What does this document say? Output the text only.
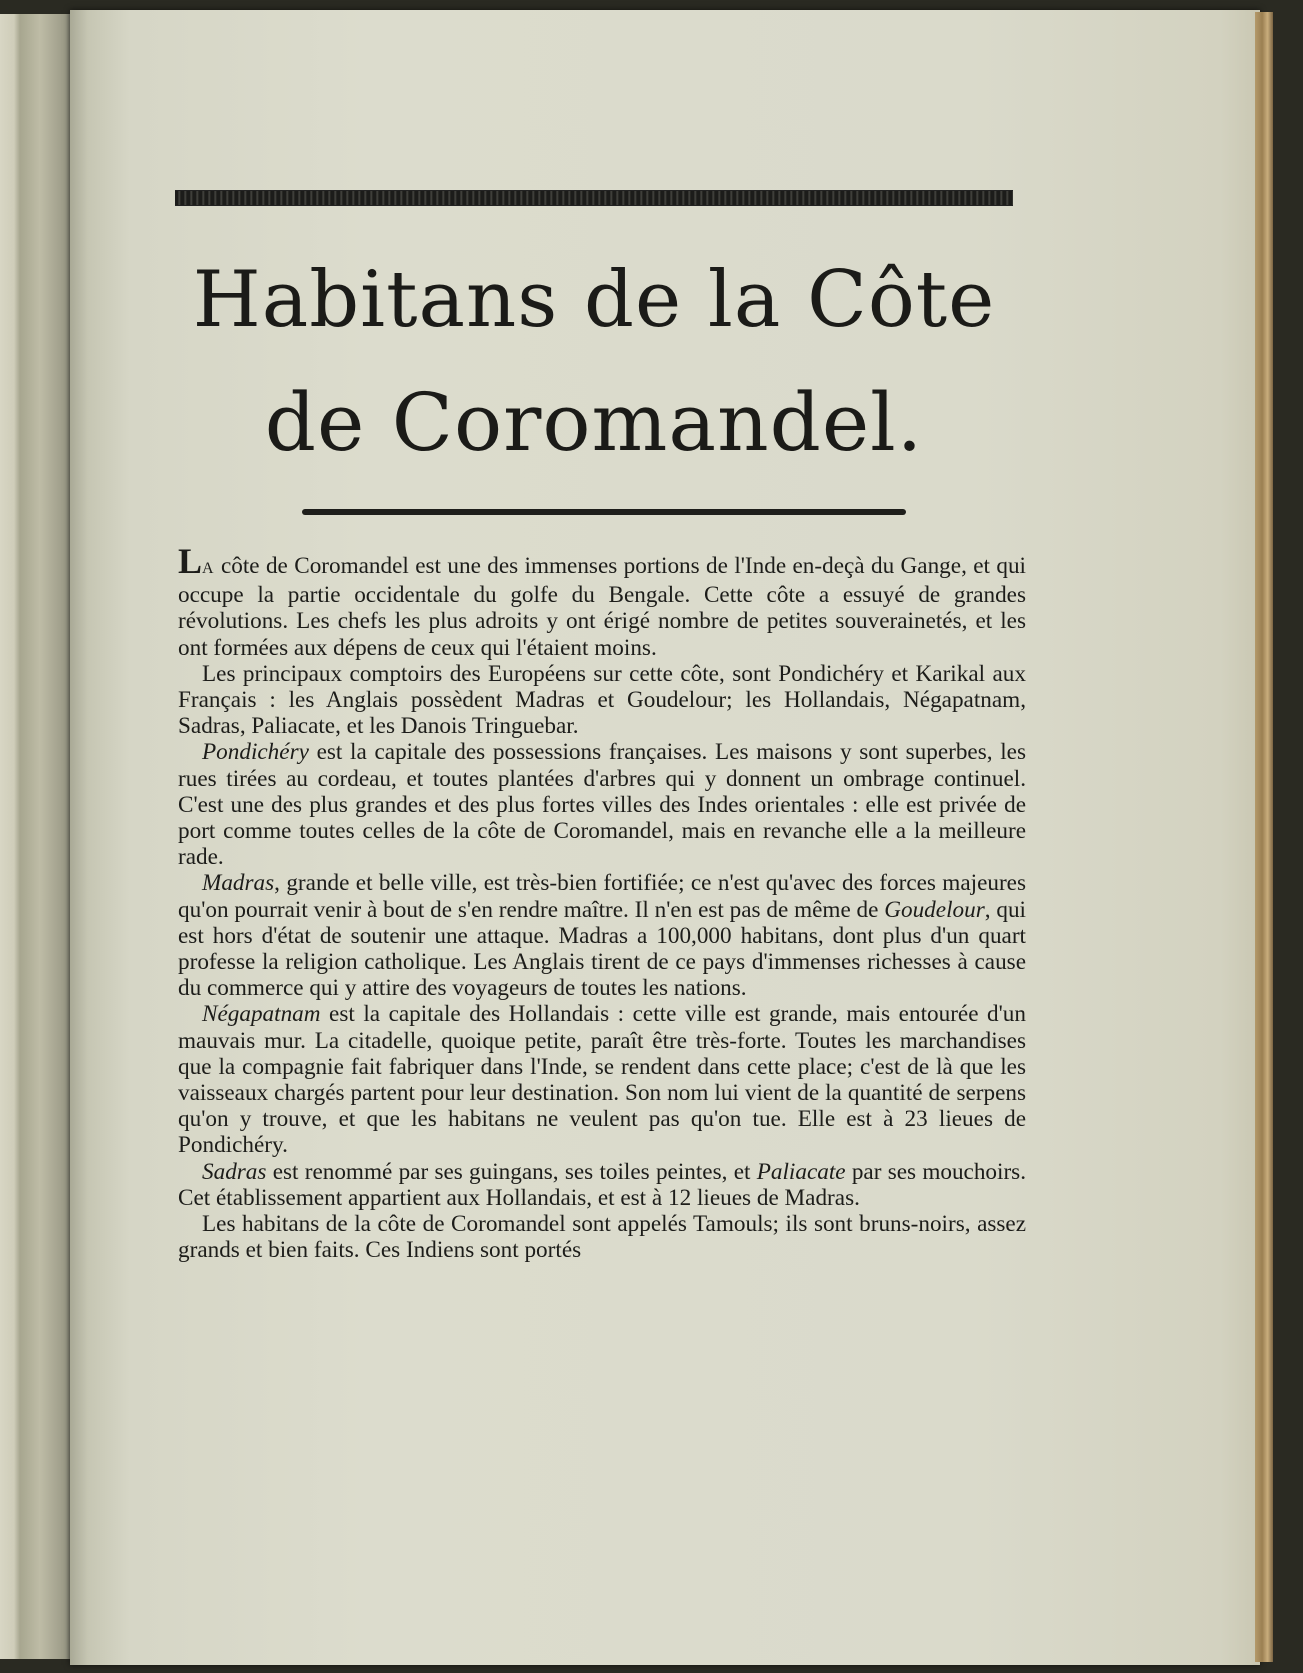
Habitans de la Côte
de Coromandel.

LA côte de Coromandel est une des immenses portions de l'Inde en-deçà du Gange, et qui occupe la partie occidentale du golfe du Bengale. Cette côte a essuyé de grandes révolutions. Les chefs les plus adroits y ont érigé nombre de petites souverainetés, et les ont formées aux dépens de ceux qui l'étaient moins.

Les principaux comptoirs des Européens sur cette côte, sont Pondichéry et Karikal aux Français : les Anglais possèdent Madras et Goudelour; les Hollandais, Négapatnam, Sadras, Paliacate, et les Danois Tringuebar.

Pondichéry est la capitale des possessions françaises. Les maisons y sont superbes, les rues tirées au cordeau, et toutes plantées d'arbres qui y donnent un ombrage continuel. C'est une des plus grandes et des plus fortes villes des Indes orientales : elle est privée de port comme toutes celles de la côte de Coromandel, mais en revanche elle a la meilleure rade.

Madras, grande et belle ville, est très-bien fortifiée; ce n'est qu'avec des forces majeures qu'on pourrait venir à bout de s'en rendre maître. Il n'en est pas de même de Goudelour, qui est hors d'état de soutenir une attaque. Madras a 100,000 habitans, dont plus d'un quart professe la religion catholique. Les Anglais tirent de ce pays d'immenses richesses à cause du commerce qui y attire des voyageurs de toutes les nations.

Négapatnam est la capitale des Hollandais : cette ville est grande, mais entourée d'un mauvais mur. La citadelle, quoique petite, paraît être très-forte. Toutes les marchandises que la compagnie fait fabriquer dans l'Inde, se rendent dans cette place; c'est de là que les vaisseaux chargés partent pour leur destination. Son nom lui vient de la quantité de serpens qu'on y trouve, et que les habitans ne veulent pas qu'on tue. Elle est à 23 lieues de Pondichéry.

Sadras est renommé par ses guingans, ses toiles peintes, et Paliacate par ses mouchoirs. Cet établissement appartient aux Hollandais, et est à 12 lieues de Madras.

Les habitans de la côte de Coromandel sont appelés Tamouls; ils sont bruns-noirs, assez grands et bien faits. Ces Indiens sont portés
